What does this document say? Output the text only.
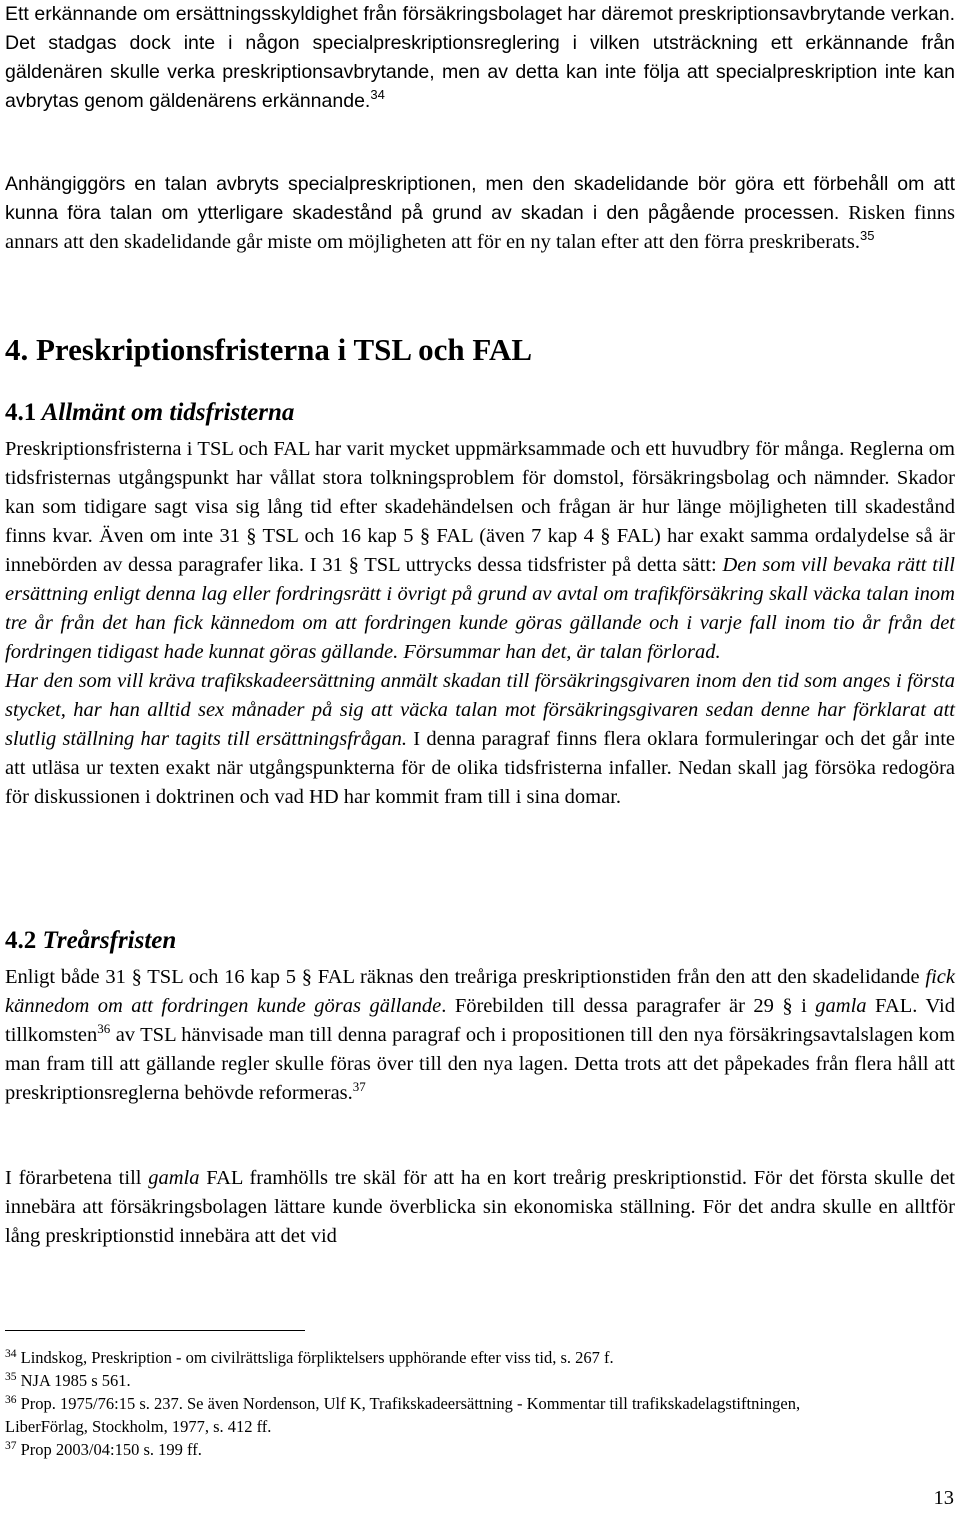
Ett erkännande om ersättningsskyldighet från försäkringsbolaget har däremot preskriptionsavbrytande verkan. Det stadgas dock inte i någon specialpreskriptionsreglering i vilken utsträckning ett erkännande från gäldenären skulle verka preskriptionsavbrytande, men av detta kan inte följa att specialpreskription inte kan avbrytas genom gäldenärens erkännande.$^{34}$

Anhängiggörs en talan avbryts specialpreskriptionen, men den skadelidande bör göra ett förbehåll om att kunna föra talan om ytterligare skadestånd på grund av skadan i den pågående processen. Risken finns annars att den skadelidande går miste om möjligheten att för en ny talan efter att den förra preskriberats.$^{35}$

4. Preskriptionsfristerna i TSL och FAL
4.1 Allmänt om tidsfristerna

Preskriptionsfristerna i TSL och FAL har varit mycket uppmärksammade och ett huvudbry för många. Reglerna om tidsfristernas utgångspunkt har vållat stora tolkningsproblem för domstol, försäkringsbolag och nämnder. Skador kan som tidigare sagt visa sig lång tid efter skadehändelsen och frågan är hur länge möjligheten till skadestånd finns kvar. Även om inte 31 § TSL och 16 kap 5 § FAL (även 7 kap 4 § FAL) har exakt samma ordalydelse så är innebörden av dessa paragrafer lika. I 31 § TSL uttrycks dessa tidsfrister på detta sätt: Den som vill bevaka rätt till ersättning enligt denna lag eller fordringsrätt i övrigt på grund av avtal om trafikförsäkring skall väcka talan inom tre år från det han fick kännedom om att fordringen kunde göras gällande och i varje fall inom tio år från det fordringen tidigast hade kunnat göras gällande. Försummar han det, är talan förlorad.
Har den som vill kräva trafikskadeersättning anmält skadan till försäkringsgivaren inom den tid som anges i första stycket, har han alltid sex månader på sig att väcka talan mot försäkringsgivaren sedan denne har förklarat att slutlig ställning har tagits till ersättningsfrågan. I denna paragraf finns flera oklara formuleringar och det går inte att utläsa ur texten exakt när utgångspunkterna för de olika tidsfristerna infaller. Nedan skall jag försöka redogöra för diskussionen i doktrinen och vad HD har kommit fram till i sina domar.

4.2 Treårsfristen

Enligt både 31 § TSL och 16 kap 5 § FAL räknas den treåriga preskriptionstiden från den att den skadelidande fick kännedom om att fordringen kunde göras gällande. Förebilden till dessa paragrafer är 29 § i gamla FAL. Vid tillkomsten$^{36}$ av TSL hänvisade man till denna paragraf och i propositionen till den nya försäkringsavtalslagen kom man fram till att gällande regler skulle föras över till den nya lagen. Detta trots att det påpekades från flera håll att preskriptionsreglerna behövde reformeras.$^{37}$

I förarbetena till gamla FAL framhölls tre skäl för att ha en kort treårig preskriptionstid. För det första skulle det innebära att försäkringsbolagen lättare kunde överblicka sin ekonomiska ställning. För det andra skulle en alltför lång preskriptionstid innebära att det vid

$^{34}$ Lindskog, Preskription - om civilrättsliga förpliktelsers upphörande efter viss tid, s. 267 f.

$^{35}$ NJA 1985 s 561.

$^{36}$ Prop. 1975/76:15 s. 237. Se även Nordenson, Ulf K, Trafikskadeersättning - Kommentar till trafikskadelagstiftningen, LiberFörlag, Stockholm, 1977, s. 412 ff.

$^{37}$ Prop 2003/04:150 s. 199 ff.

13
